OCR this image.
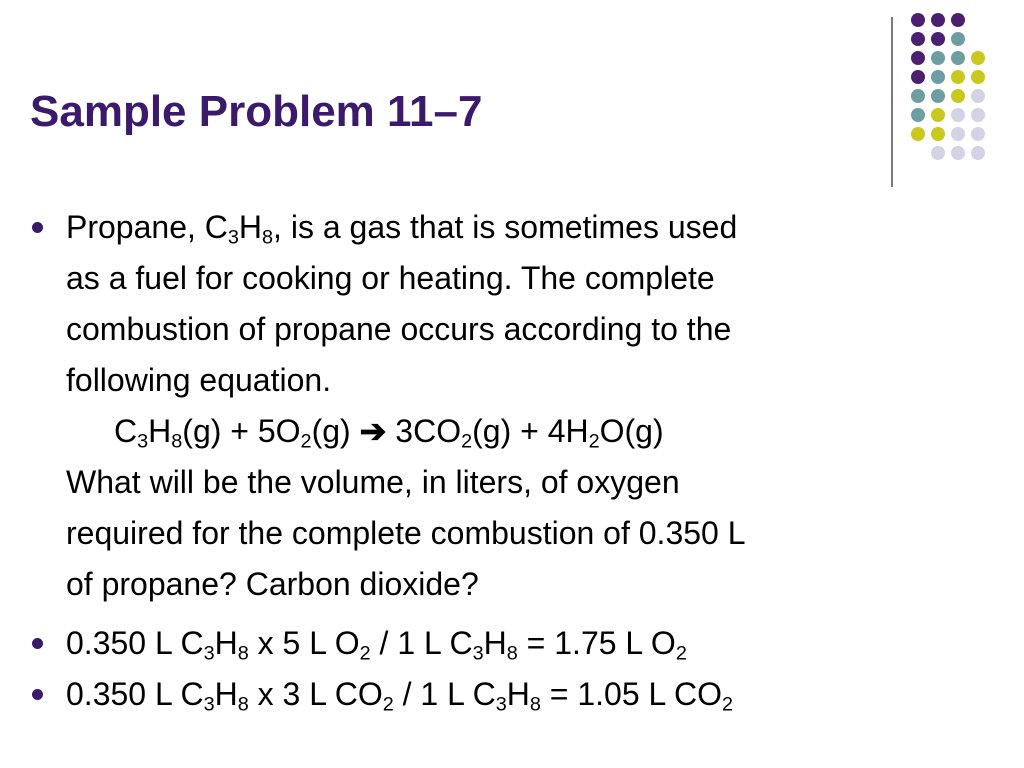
Sample Problem 11–7
Propane, $C_3H_8$, is a gas that is sometimes used
as a fuel for cooking or heating. The complete
combustion of propane occurs according to the
following equation.
$C_3H_8(g) + 5O_2(g)$ ➔ $3CO_2(g) + 4H_2O(g)$
What will be the volume, in liters, of oxygen
required for the complete combustion of 0.350 L
of propane? Carbon dioxide?
0.350 L $C_3H_8$ x 5 L $O_2 / 1$ L $C_3H_8 = 1.75$ L $O_2$
0.350 L $C_3H_8$ x 3 L $CO_2 / 1$ L $C_3H_8 = 1.05$ L $CO_2$
